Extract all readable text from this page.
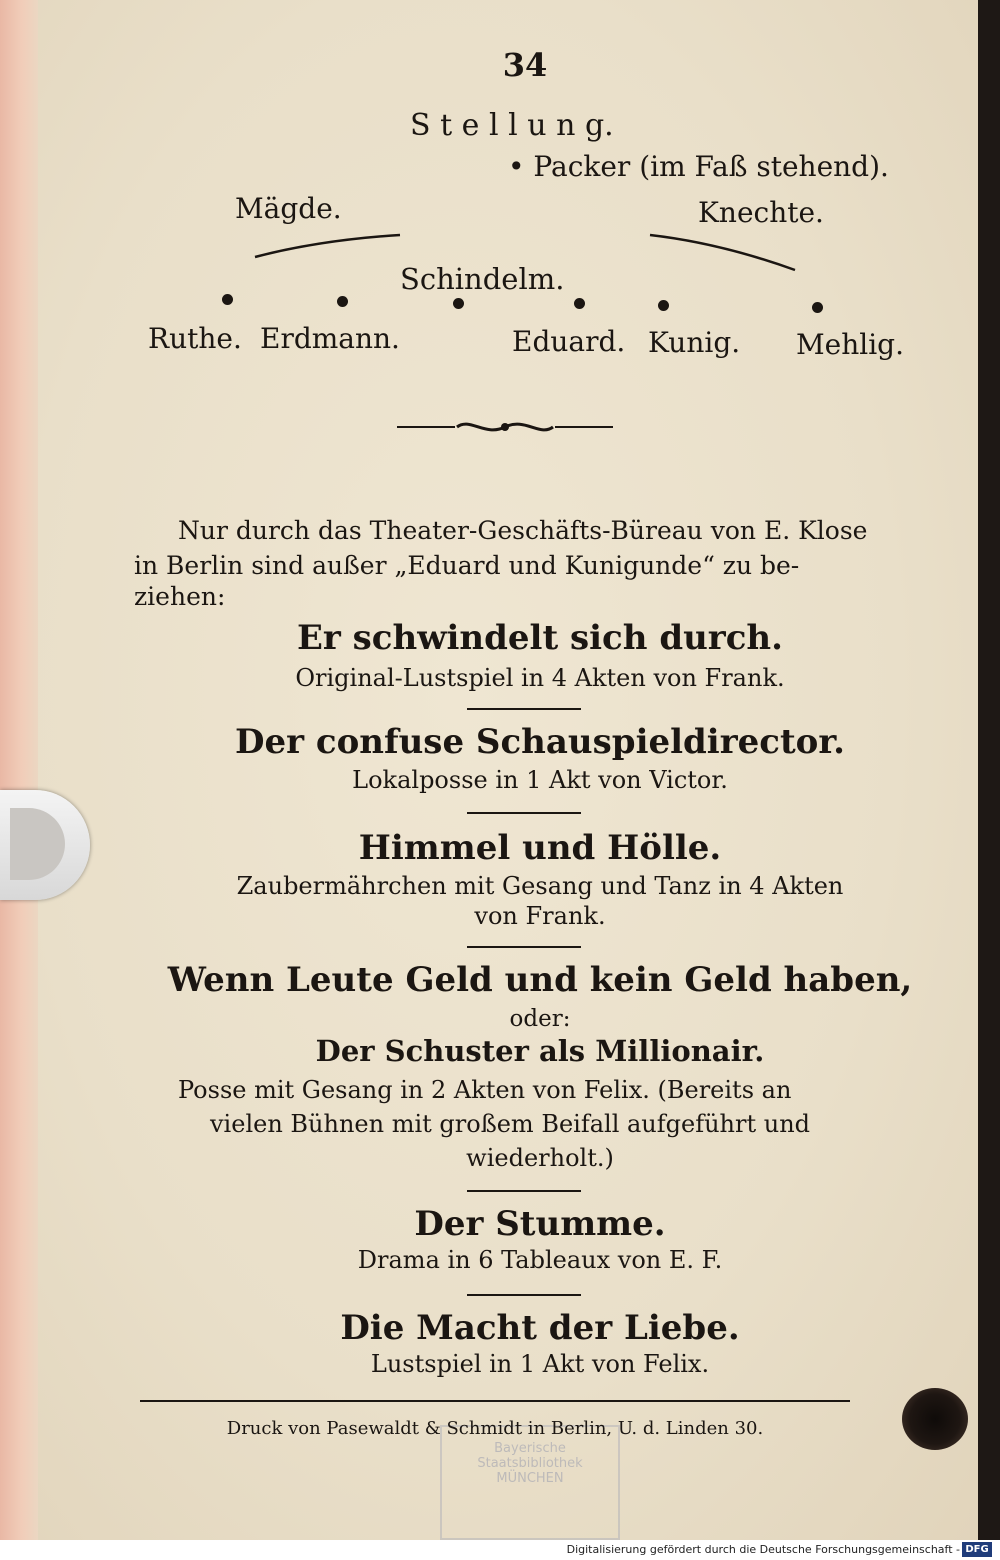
Bayerische Staatsbibliothek MÜNCHEN
34
S t e l l u n g.
• Packer (im Faß stehend).
Mägde.	Knechte.
Schindelm.
Ruthe. Erdmann.	Eduard. Kunig. Mehlig.
Nur durch das Theater-Geschäfts-Büreau von E. Klose
in Berlin sind außer „Eduard und Kunigunde“ zu be-
ziehen:
Er schwindelt sich durch.
Original-Lustspiel in 4 Akten von Frank.
Der confuse Schauspieldirector.
Lokalposse in 1 Akt von Victor.
Himmel und Hölle.
Zaubermährchen mit Gesang und Tanz in 4 Akten
von Frank.
Wenn Leute Geld und kein Geld haben,
oder:
Der Schuster als Millionair.
Posse mit Gesang in 2 Akten von Felix. (Bereits an
vielen Bühnen mit großem Beifall aufgeführt und
wiederholt.)
Der Stumme.
Drama in 6 Tableaux von E. F.
Die Macht der Liebe.
Lustspiel in 1 Akt von Felix.
Druck von Pasewaldt & Schmidt in Berlin, U. d. Linden 30.
Digitalisierung gefördert durch die Deutsche Forschungsgemeinschaft - DFG
